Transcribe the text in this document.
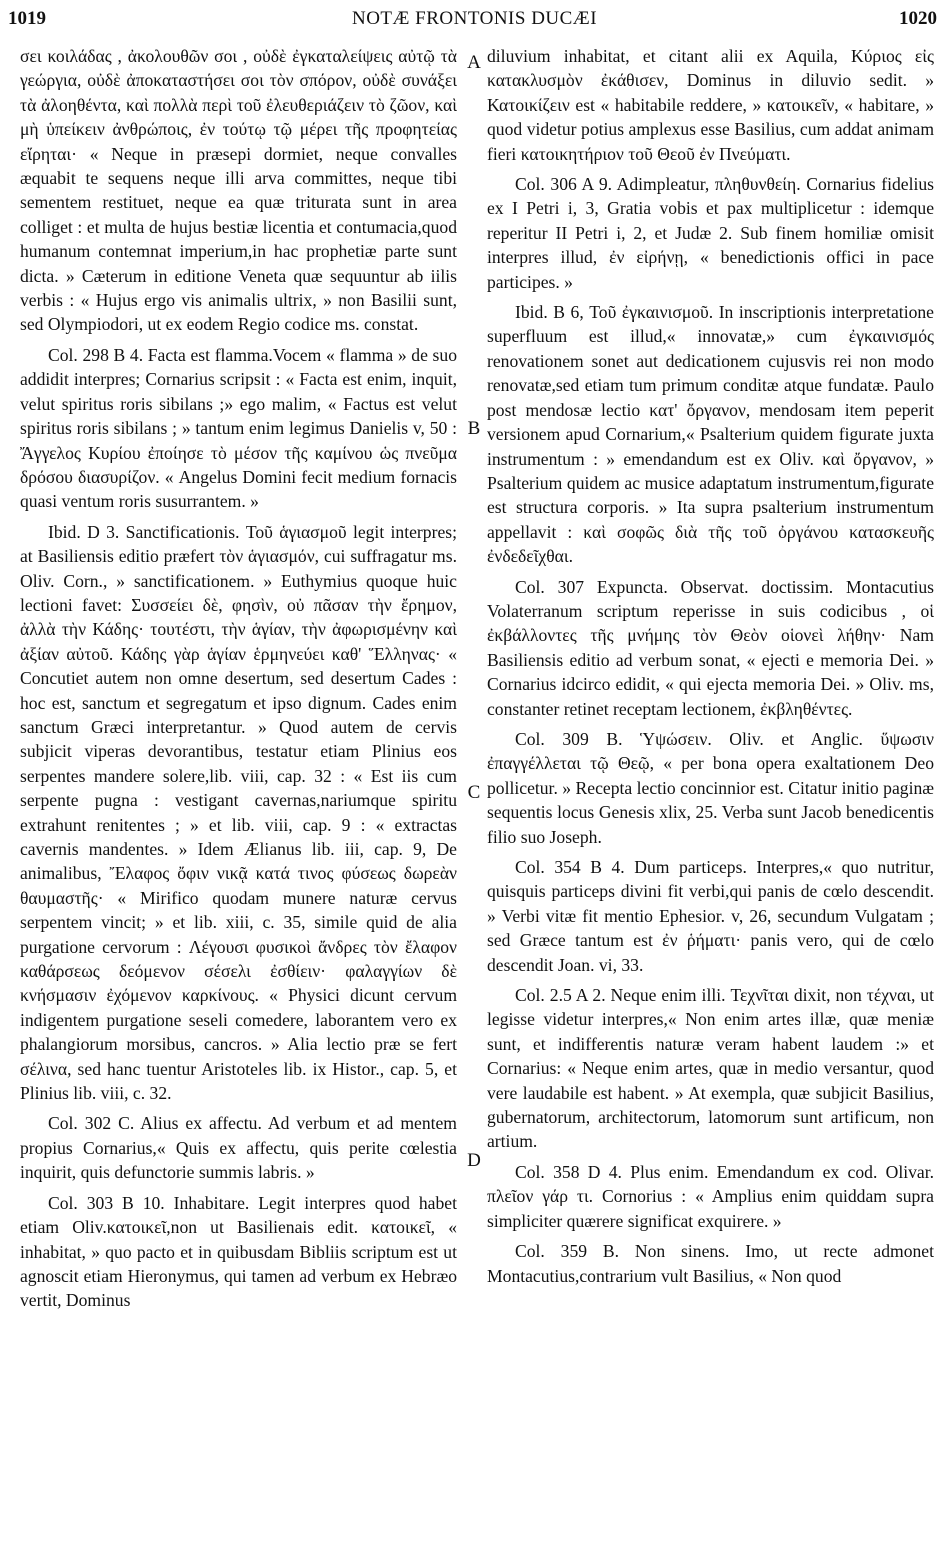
1019	NOTÆ FRONTONIS DUCÆI	1020

σει κοιλάδας , ἀκολουθῶν σοι , οὐδὲ ἐγκαταλείψεις αὐτῷ τὰ γεώργια, οὐδὲ ἀποκαταστήσει σοι τὸν σπόρον, οὐδὲ συνάξει τὰ ἀλοηθέντα, καὶ πολλὰ περὶ τοῦ ἐλευθεριάζειν τὸ ζῶον, καὶ μὴ ὑπείκειν ἀνθρώποις, ἐν τούτῳ τῷ μέρει τῆς προφητείας εἴρηται· « Neque in præsepi dormiet, neque convalles æquabit te sequens neque illi arva committes, neque tibi sementem restituet, neque ea quæ triturata sunt in area colliget : et multa de hujus bestiæ licentia et contumacia,quod humanum contemnat imperium,in hac prophetiæ parte sunt dicta. » Cæterum in editione Veneta quæ sequuntur ab iilis verbis : « Hujus ergo vis animalis ultrix, » non Basilii sunt, sed Olympiodori, ut ex eodem Regio codice ms. constat.

Col. 298 B 4. Facta est flamma.Vocem « flamma » de suo addidit interpres; Cornarius scripsit : « Facta est enim, inquit, velut spiritus roris sibilans ;» ego malim, « Factus est velut spiritus roris sibilans ; » tantum enim legimus Danielis v, 50 : Ἄγγελος Κυρίου ἐποίησε τὸ μέσον τῆς καμίνου ὡς πνεῦμα δρόσου διασυρίζον. « Angelus Domini fecit medium fornacis quasi ventum roris susurrantem. »

Ibid. D 3. Sanctificationis. Τοῦ ἁγιασμοῦ legit interpres; at Basiliensis editio præfert τὸν ἁγιασμόν, cui suffragatur ms. Oliv. Corn., » sanctificationem. » Euthymius quoque huic lectioni favet: Συσσείει δὲ, φησὶν, οὐ πᾶσαν τὴν ἔρημον, ἀλλὰ τὴν Κάδης· τουτέστι, τὴν ἁγίαν, τὴν ἀφωρισμένην καὶ ἀξίαν αὐτοῦ. Κάδης γὰρ ἁγίαν ἑρμηνεύει καθ' Ἕλληνας· « Concutiet autem non omne desertum, sed desertum Cades : hoc est, sanctum et segregatum et ipso dignum. Cades enim sanctum Græci interpretantur. » Quod autem de cervis subjicit viperas devorantibus, testatur etiam Plinius eos serpentes mandere solere,lib. viii, cap. 32 : « Est iis cum serpente pugna : vestigant cavernas,nariumque spiritu extrahunt renitentes ; » et lib. viii, cap. 9 : « extractas cavernis mandentes. » Idem Ælianus lib. iii, cap. 9, De animalibus, Ἔλαφος ὄφιν νικᾷ κατά τινος φύσεως δωρεὰν θαυμαστῆς· « Mirifico quodam munere naturæ cervus serpentem vincit; » et lib. xiii, c. 35, simile quid de alia purgatione cervorum : Λέγουσι φυσικοὶ ἄνδρες τὸν ἔλαφον καθάρσεως δεόμενον σέσελι ἐσθίειν· φαλαγγίων δὲ κνήσμασιν ἐχόμενον καρκίνους. « Physici dicunt cervum indigentem purgatione seseli comedere, laborantem vero ex phalangiorum morsibus, cancros. » Alia lectio præ se fert σέλινα, sed hanc tuentur Aristoteles lib. ix Histor., cap. 5, et Plinius lib. viii, c. 32.

Col. 302 C. Alius ex affectu. Ad verbum et ad mentem propius Cornarius,« Quis ex affectu, quis perite cœlestia inquirit, quis defunctorie summis labris. »

Col. 303 B 10. Inhabitare. Legit interpres quod habet etiam Oliv.κατοικεῖ,non ut Basilienais edit. κατοικεῖ, « inhabitat, » quo pacto et in quibusdam Bibliis scriptum est ut agnoscit etiam Hieronymus, qui tamen ad verbum ex Hebræo vertit, Dominus

A
B
C
D

diluvium inhabitat, et citant alii ex Aquila, Κύριος εἰς κατακλυσμὸν ἐκάθισεν, Dominus in diluvio sedit. » Κατοικίζειν est « habitabile reddere, » κατοικεῖν, « habitare, » quod videtur potius amplexus esse Basilius, cum addat animam fieri κατοικητήριον τοῦ Θεοῦ ἐν Πνεύματι.

Col. 306 A 9. Adimpleatur, πληθυνθείη. Cornarius fidelius ex I Petri i, 3, Gratia vobis et pax multiplicetur : idemque reperitur II Petri i, 2, et Judæ 2. Sub finem homiliæ omisit interpres illud, ἐν εἰρήνῃ, « benedictionis offici in pace participes. »

Ibid. B 6, Τοῦ ἐγκαινισμοῦ. In inscriptionis interpretatione superfluum est illud,« innovatæ,» cum ἐγκαινισμός renovationem sonet aut dedicationem cujusvis rei non modo renovatæ,sed etiam tum primum conditæ atque fundatæ. Paulo post mendosæ lectio κατ' ὄργανον, mendosam item peperit versionem apud Cornarium,« Psalterium quidem figurate juxta instrumentum : » emendandum est ex Oliv. καὶ ὄργανον, » Psalterium quidem ac musice adaptatum instrumentum,figurate est structura corporis. » Ita supra psalterium instrumentum appellavit : καὶ σοφῶς διὰ τῆς τοῦ ὀργάνου κατασκευῆς ἐνδεδεῖχθαι.

Col. 307 Expuncta. Observat. doctissim. Montacutius Volaterranum scriptum reperisse in suis codicibus , οἱ ἐκβάλλοντες τῆς μνήμης τὸν Θεὸν οἱονεὶ λήθην· Nam Basiliensis editio ad verbum sonat, « ejecti e memoria Dei. » Cornarius idcirco edidit, « qui ejecta memoria Dei. » Oliv. ms, constanter retinet receptam lectionem, ἐκβληθέντες.

Col. 309 B. Ὑψώσειν. Oliv. et Anglic. ὕψωσιν ἐπαγγέλλεται τῷ Θεῷ, « per bona opera exaltationem Deo pollicetur. » Recepta lectio concinnior est. Citatur initio paginæ sequentis locus Genesis xlix, 25. Verba sunt Jacob benedicentis filio suo Joseph.

Col. 354 B 4. Dum particeps. Interpres,« quo nutritur, quisquis particeps divini fit verbi,qui panis de cœlo descendit. » Verbi vitæ fit mentio Ephesior. v, 26, secundum Vulgatam ; sed Græce tantum est ἐν ῥήματι· panis vero, qui de cœlo descendit Joan. vi, 33.

Col. 2.5 A 2. Neque enim illi. Τεχνῖται dixit, non τέχναι, ut legisse videtur interpres,« Non enim artes illæ, quæ meniæ sunt, et indifferentis naturæ veram habent laudem :» et Cornarius: « Neque enim artes, quæ in medio versantur, quod vere laudabile est habent. » At exempla, quæ subjicit Basilius, gubernatorum, architectorum, latomorum sunt artificum, non artium.

Col. 358 D 4. Plus enim. Emendandum ex cod. Olivar. πλεῖον γάρ τι. Cornorius : « Amplius enim quiddam supra simpliciter quærere significat exquirere. »

Col. 359 B. Non sinens. Imo, ut recte admonet Montacutius,contrarium vult Basilius, « Non quod
